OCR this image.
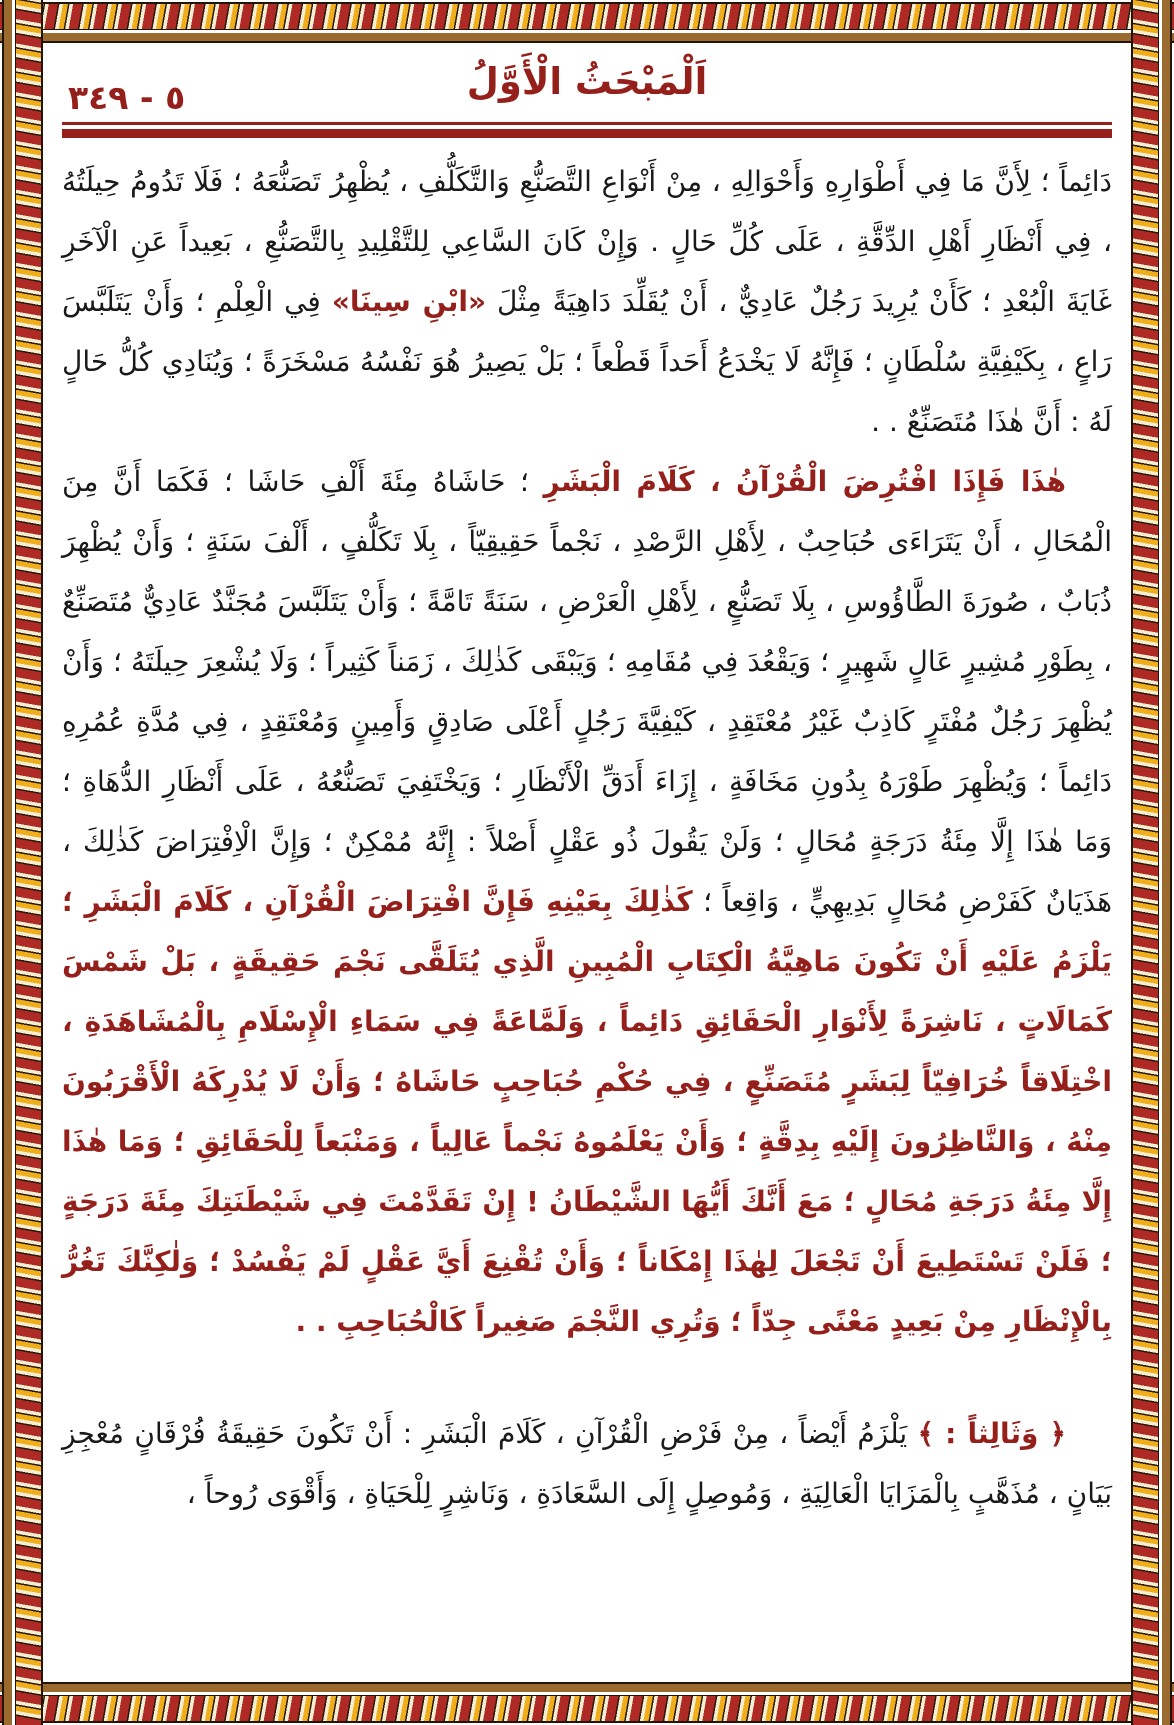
٥ - ٣٤٩	اَلْمَبْحَثُ الْأَوَّلُ

دَائِماً ؛ لِأَنَّ مَا فِي أَطْوَارِهِ وَأَحْوَالِهِ ، مِنْ أَنْوَاعِ التَّصَنُّعِ وَالتَّكَلُّفِ ، يُظْهِرُ تَصَنُّعَهُ ؛ فَلَا تَدُومُ حِيلَتُهُ ، فِي أَنْظَارِ أَهْلِ الدِّقَّةِ ، عَلَى كُلِّ حَالٍ . وَإِنْ كَانَ السَّاعِي لِلتَّقْلِيدِ بِالتَّصَنُّعِ ، بَعِيداً عَنِ الْآخَرِ غَايَةَ الْبُعْدِ ؛ كَأَنْ يُرِيدَ رَجُلٌ عَادِيٌّ ، أَنْ يُقَلِّدَ دَاهِيَةً مِثْلَ «ابْنِ سِينَا» فِي الْعِلْمِ ؛ وَأَنْ يَتَلَبَّسَ رَاعٍ ، بِكَيْفِيَّةِ سُلْطَانٍ ؛ فَإِنَّهُ لَا يَخْدَعُ أَحَداً قَطْعاً ؛ بَلْ يَصِيرُ هُوَ نَفْسُهُ مَسْخَرَةً ؛ وَيُنَادِي كُلُّ حَالٍ لَهُ : أَنَّ هٰذَا مُتَصَنِّعٌ . .

هٰذَا فَإِذَا افْتُرِضَ الْقُرْآنُ ، كَلَامَ الْبَشَرِ ؛ حَاشَاهُ مِئَةَ أَلْفِ حَاشَا ؛ فَكَمَا أَنَّ مِنَ الْمُحَالِ ، أَنْ يَتَرَاءَى حُبَاحِبٌ ، لِأَهْلِ الرَّصْدِ ، نَجْماً حَقِيقِيّاً ، بِلَا تَكَلُّفٍ ، أَلْفَ سَنَةٍ ؛ وَأَنْ يُظْهِرَ ذُبَابٌ ، صُورَةَ الطَّاؤُوسِ ، بِلَا تَصَنُّعٍ ، لِأَهْلِ الْعَرْضِ ، سَنَةً تَامَّةً ؛ وَأَنْ يَتَلَبَّسَ مُجَنَّدٌ عَادِيٌّ مُتَصَنِّعٌ ، بِطَوْرِ مُشِيرٍ عَالٍ شَهِيرٍ ؛ وَيَقْعُدَ فِي مُقَامِهِ ؛ وَيَبْقَى كَذٰلِكَ ، زَمَناً كَثِيراً ؛ وَلَا يُشْعِرَ حِيلَتَهُ ؛ وَأَنْ يُظْهِرَ رَجُلٌ مُفْتَرٍ كَاذِبٌ غَيْرُ مُعْتَقِدٍ ، كَيْفِيَّةَ رَجُلٍ أَعْلَى صَادِقٍ وَأَمِينٍ وَمُعْتَقِدٍ ، فِي مُدَّةِ عُمُرِهِ دَائِماً ؛ وَيُظْهِرَ طَوْرَهُ بِدُونِ مَخَافَةٍ ، إِزَاءَ أَدَقِّ الْأَنْظَارِ ؛ وَيَخْتَفِيَ تَصَنُّعُهُ ، عَلَى أَنْظَارِ الدُّهَاةِ ؛ وَمَا هٰذَا إِلَّا مِئَةُ دَرَجَةٍ مُحَالٍ ؛ وَلَنْ يَقُولَ ذُو عَقْلٍ أَصْلاً : إِنَّهُ مُمْكِنٌ ؛ وَإِنَّ الْاِفْتِرَاضَ كَذٰلِكَ ، هَذَيَانٌ كَفَرْضِ مُحَالٍ بَدِيهِيٍّ ، وَاقِعاً ؛ كَذٰلِكَ بِعَيْنِهِ فَإِنَّ افْتِرَاضَ الْقُرْآنِ ، كَلَامَ الْبَشَرِ ؛ يَلْزَمُ عَلَيْهِ أَنْ تَكُونَ مَاهِيَّةُ الْكِتَابِ الْمُبِينِ الَّذِي يُتَلَقَّى نَجْمَ حَقِيقَةٍ ، بَلْ شَمْسَ كَمَالَاتٍ ، نَاشِرَةً لِأَنْوَارِ الْحَقَائِقِ دَائِماً ، وَلَمَّاعَةً فِي سَمَاءِ الْإِسْلَامِ بِالْمُشَاهَدَةِ ، اخْتِلَاقاً خُرَافِيّاً لِبَشَرٍ مُتَصَنِّعٍ ، فِي حُكْمِ حُبَاحِبٍ حَاشَاهُ ؛ وَأَنْ لَا يُدْرِكَهُ الْأَقْرَبُونَ مِنْهُ ، وَالنَّاظِرُونَ إِلَيْهِ بِدِقَّةٍ ؛ وَأَنْ يَعْلَمُوهُ نَجْماً عَالِياً ، وَمَنْبَعاً لِلْحَقَائِقِ ؛ وَمَا هٰذَا إِلَّا مِئَةُ دَرَجَةِ مُحَالٍ ؛ مَعَ أَنَّكَ أَيُّهَا الشَّيْطَانُ ! إِنْ تَقَدَّمْتَ فِي شَيْطَنَتِكَ مِئَةَ دَرَجَةٍ ؛ فَلَنْ تَسْتَطِيعَ أَنْ تَجْعَلَ لِهٰذَا إِمْكَاناً ؛ وَأَنْ تُقْنِعَ أَيَّ عَقْلٍ لَمْ يَفْسُدْ ؛ وَلٰكِنَّكَ تَغُرُّ بِالْإِنْظَارِ مِنْ بَعِيدٍ مَعْنًى جِدّاً ؛ وَتُرِي النَّجْمَ صَغِيراً كَالْحُبَاحِبِ . .

﴿ وَثَالِثاً : ﴾ يَلْزَمُ أَيْضاً ، مِنْ فَرْضِ الْقُرْآنِ ، كَلَامَ الْبَشَرِ : أَنْ تَكُونَ حَقِيقَةُ فُرْقَانٍ مُعْجِزِ بَيَانٍ ، مُذَهَّبٍ بِالْمَزَايَا الْعَالِيَةِ ، وَمُوصِلٍ إِلَى السَّعَادَةِ ، وَنَاشِرٍ لِلْحَيَاةِ ، وَأَقْوَى رُوحاً ،
